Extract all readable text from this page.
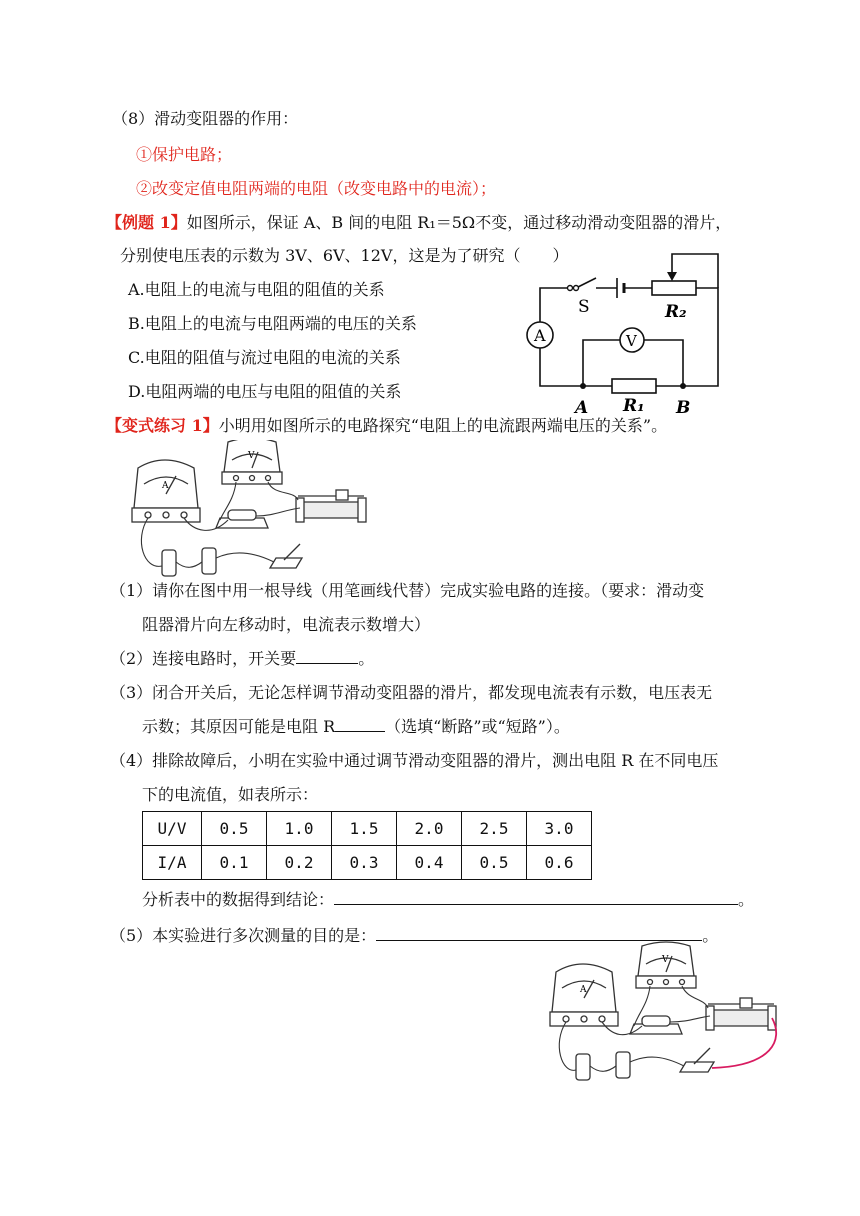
（8）滑动变阻器的作用：
①保护电路；
②改变定值电阻两端的电阻（改变电路中的电流）；
【例题 1】如图所示，保证 A、B 间的电阻 R₁＝5Ω不变，通过移动滑动变阻器的滑片，
分别使电压表的示数为 3V、6V、12V，这是为了研究（　　）
A.电阻上的电流与电阻的阻值的关系
B.电阻上的电流与电阻两端的电压的关系
C.电阻的阻值与流过电阻的电流的关系
D.电阻两端的电压与电阻的阻值的关系
A	V
S	R₂
R₁
A	B
【变式练习 1】小明用如图所示的电路探究“电阻上的电流跟两端电压的关系”。
A
V
（1）请你在图中用一根导线（用笔画线代替）完成实验电路的连接。（要求：滑动变
阻器滑片向左移动时，电流表示数增大）
（2）连接电路时，开关要	。
（3）闭合开关后，无论怎样调节滑动变阻器的滑片，都发现电流表有示数，电压表无
示数；其原因可能是电阻 R	（选填“断路”或“短路”）。
（4）排除故障后，小明在实验中通过调节滑动变阻器的滑片，测出电阻 R 在不同电压
下的电流值，如表所示：
U/V	0.5	1.0	1.5	2.0	2.5	3.0
I/A	0.1	0.2	0.3	0.4	0.5	0.6
分析表中的数据得到结论：	。
（5）本实验进行多次测量的目的是：	。
A
V
